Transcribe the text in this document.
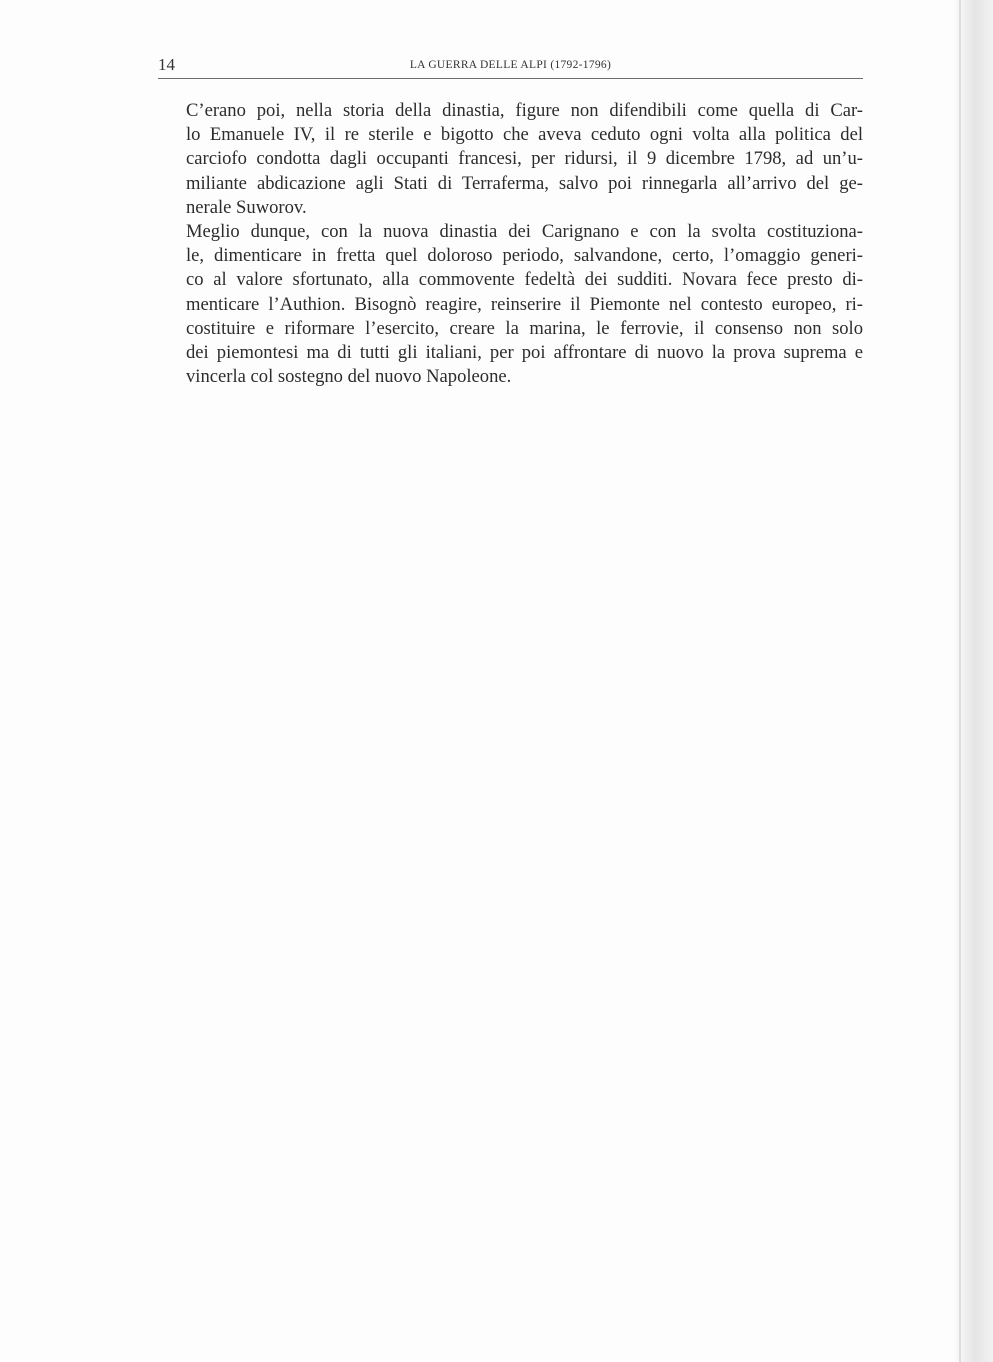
14	LA GUERRA DELLE ALPI (1792-1796)

C’erano poi, nella storia della dinastia, figure non difendibili come quella di Car-
lo Emanuele IV, il re sterile e bigotto che aveva ceduto ogni volta alla politica del
carciofo condotta dagli occupanti francesi, per ridursi, il 9 dicembre 1798, ad un’u-
miliante abdicazione agli Stati di Terraferma, salvo poi rinnegarla all’arrivo del ge-
nerale Suworov.

Meglio dunque, con la nuova dinastia dei Carignano e con la svolta costituziona-
le, dimenticare in fretta quel doloroso periodo, salvandone, certo, l’omaggio generi-
co al valore sfortunato, alla commovente fedeltà dei sudditi. Novara fece presto di-
menticare l’Authion. Bisognò reagire, reinserire il Piemonte nel contesto europeo, ri-
costituire e riformare l’esercito, creare la marina, le ferrovie, il consenso non solo
dei piemontesi ma di tutti gli italiani, per poi affrontare di nuovo la prova suprema e
vincerla col sostegno del nuovo Napoleone.
